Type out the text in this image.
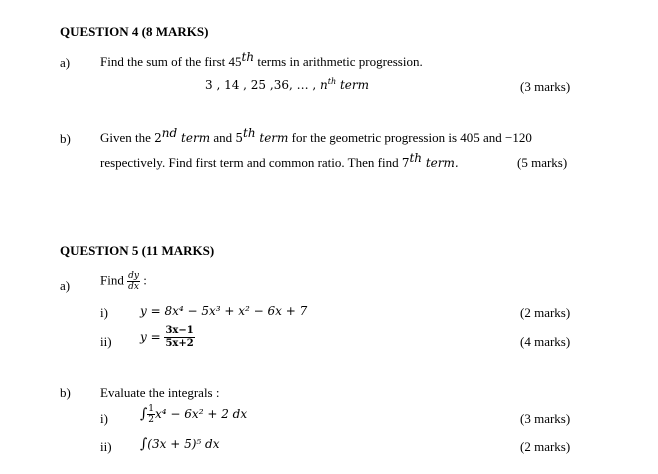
QUESTION 4 (8 MARKS)
a) Find the sum of the first 45th terms in arithmetic progression.
3 , 14 , 25 ,36, … , $n^{th}$ term	(3 marks)
b) Given the 2nd term and 5th term for the geometric progression is 405 and −120
respectively. Find first term and common ratio. Then find 7th term.	(5 marks)
QUESTION 5 (11 MARKS)
a) Find $\frac{dy}{dx}$ :
i)	y = 8x⁴ − 5x³ + x² − 6x + 7	(2 marks)
ii) $y = \frac{3x-1}{5x+2}$	(4 marks)
b) Evaluate the integrals :
i) ∫ $\frac{1}{2} x^4 - 6x^2 + 2$ dx	(3 marks)
ii) ∫(3x + 5)⁵ dx	(2 marks)
